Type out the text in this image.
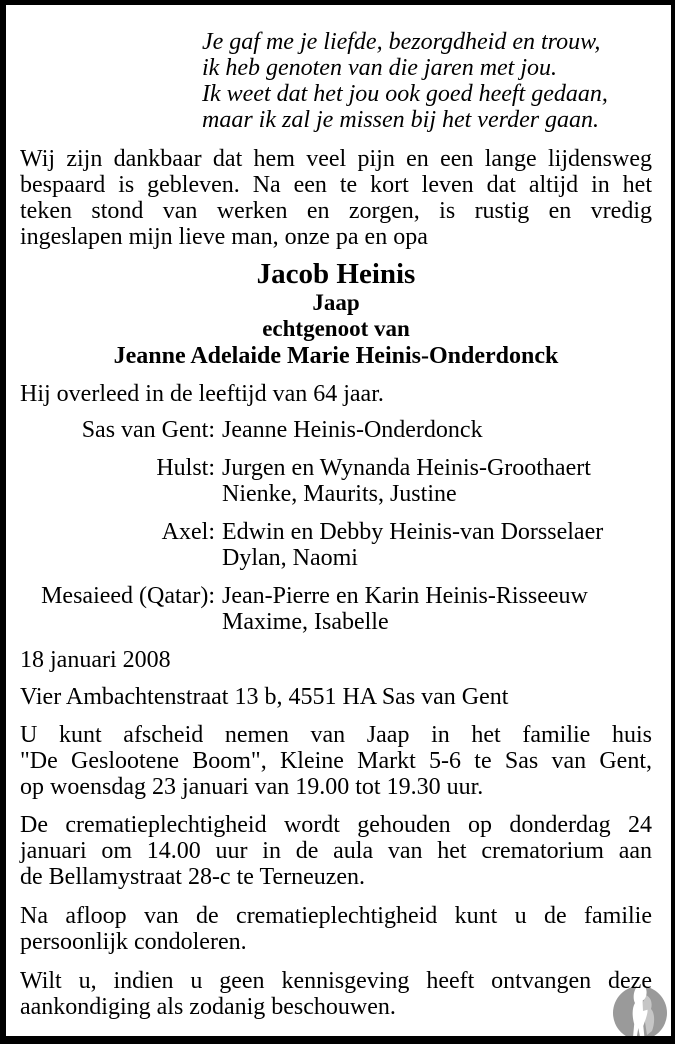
Je gaf me je liefde, bezorgdheid en trouw,
ik heb genoten van die jaren met jou.
Ik weet dat het jou ook goed heeft gedaan,
maar ik zal je missen bij het verder gaan.
Wij zijn dankbaar dat hem veel pijn en een lange lijdensweg
bespaard is gebleven. Na een te kort leven dat altijd in het
teken stond van werken en zorgen, is rustig en vredig
ingeslapen mijn lieve man, onze pa en opa
Jacob Heinis
Jaap
echtgenoot van
Jeanne Adelaide Marie Heinis-Onderdonck
Hij overleed in de leeftijd van 64 jaar.
Sas van Gent: Jeanne Heinis-Onderdonck
Hulst: Jurgen en Wynanda Heinis-Groothaert
Nienke, Maurits, Justine
Axel: Edwin en Debby Heinis-van Dorsselaer
Dylan, Naomi
Mesaieed (Qatar): Jean-Pierre en Karin Heinis-Risseeuw
Maxime, Isabelle
18 januari 2008
Vier Ambachtenstraat 13 b, 4551 HA Sas van Gent
U kunt afscheid nemen van Jaap in het familie huis
"De Geslootene Boom", Kleine Markt 5-6 te Sas van Gent,
op woensdag 23 januari van 19.00 tot 19.30 uur.
De crematieplechtigheid wordt gehouden op donderdag 24
januari om 14.00 uur in de aula van het crematorium aan
de Bellamystraat 28-c te Terneuzen.
Na afloop van de crematieplechtigheid kunt u de familie
persoonlijk condoleren.
Wilt u, indien u geen kennisgeving heeft ontvangen deze
aankondiging als zodanig beschouwen.
